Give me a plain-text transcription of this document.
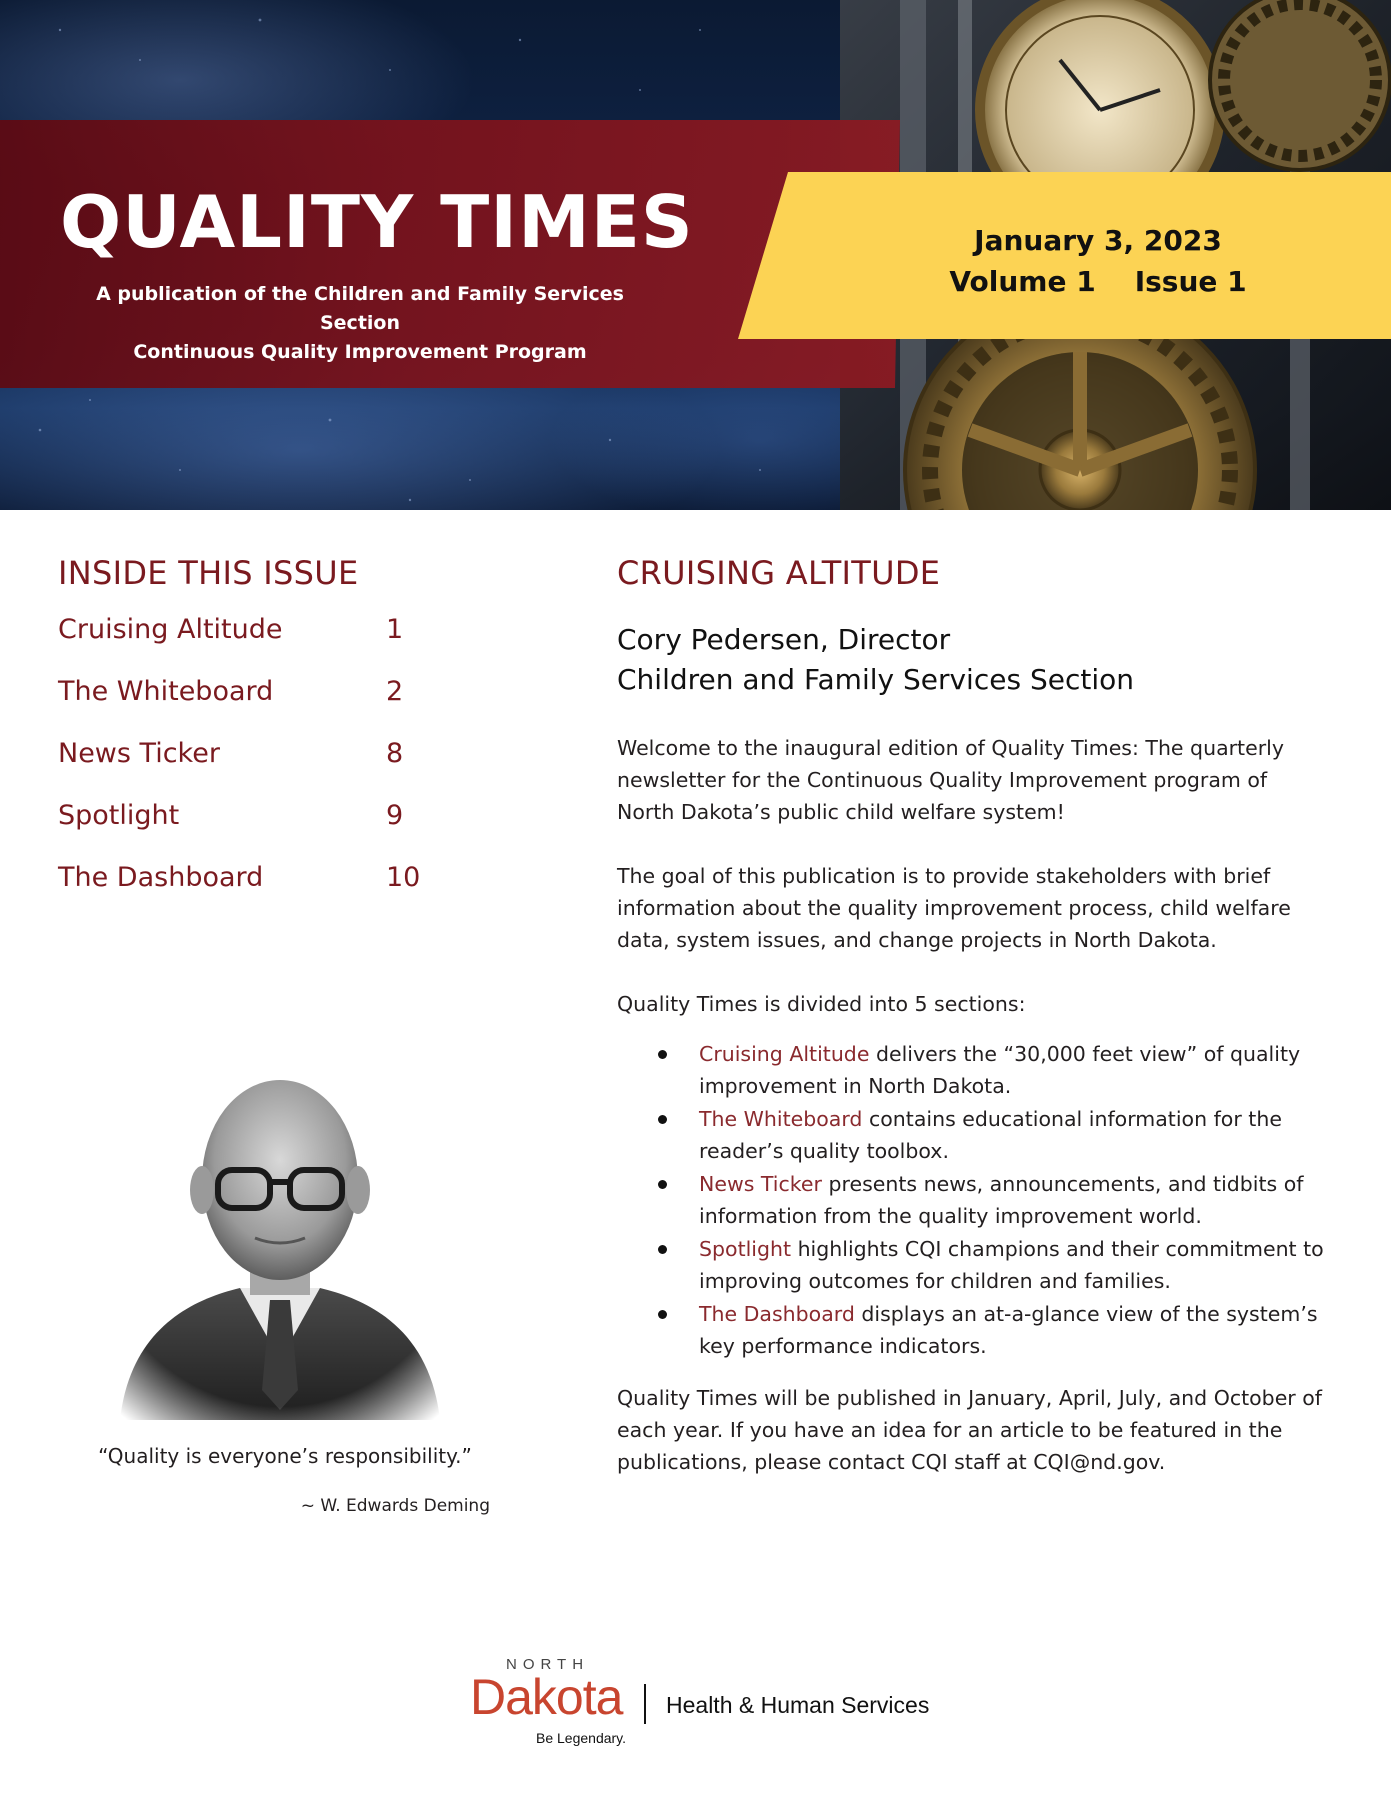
QUALITY TIMES
A publication of the Children and Family Services Section
Continuous Quality Improvement Program
January 3, 2023
Volume 1 Issue 1
INSIDE THIS ISSUE
Cruising Altitude	1
The Whiteboard	2
News Ticker	8
Spotlight	9
The Dashboard	10
“Quality is everyone’s responsibility.”
~ W. Edwards Deming
CRUISING ALTITUDE
Cory Pedersen, Director
Children and Family Services Section

Welcome to the inaugural edition of Quality Times: The quarterly newsletter for the Continuous Quality Improvement program of North Dakota’s public child welfare system!

The goal of this publication is to provide stakeholders with brief information about the quality improvement process, child welfare data, system issues, and change projects in North Dakota.

Quality Times is divided into 5 sections:

Cruising Altitude delivers the “30,000 feet view” of quality improvement in North Dakota.
The Whiteboard contains educational information for the reader’s quality toolbox.
News Ticker presents news, announcements, and tidbits of information from the quality improvement world.
Spotlight highlights CQI champions and their commitment to improving outcomes for children and families.
The Dashboard displays an at-a-glance view of the system’s key performance indicators.

Quality Times will be published in January, April, July, and October of each year. If you have an idea for an article to be featured in the publications, please contact CQI staff at CQI@nd.gov.

NORTH
Dakota
Be Legendary.
Health & Human Services
